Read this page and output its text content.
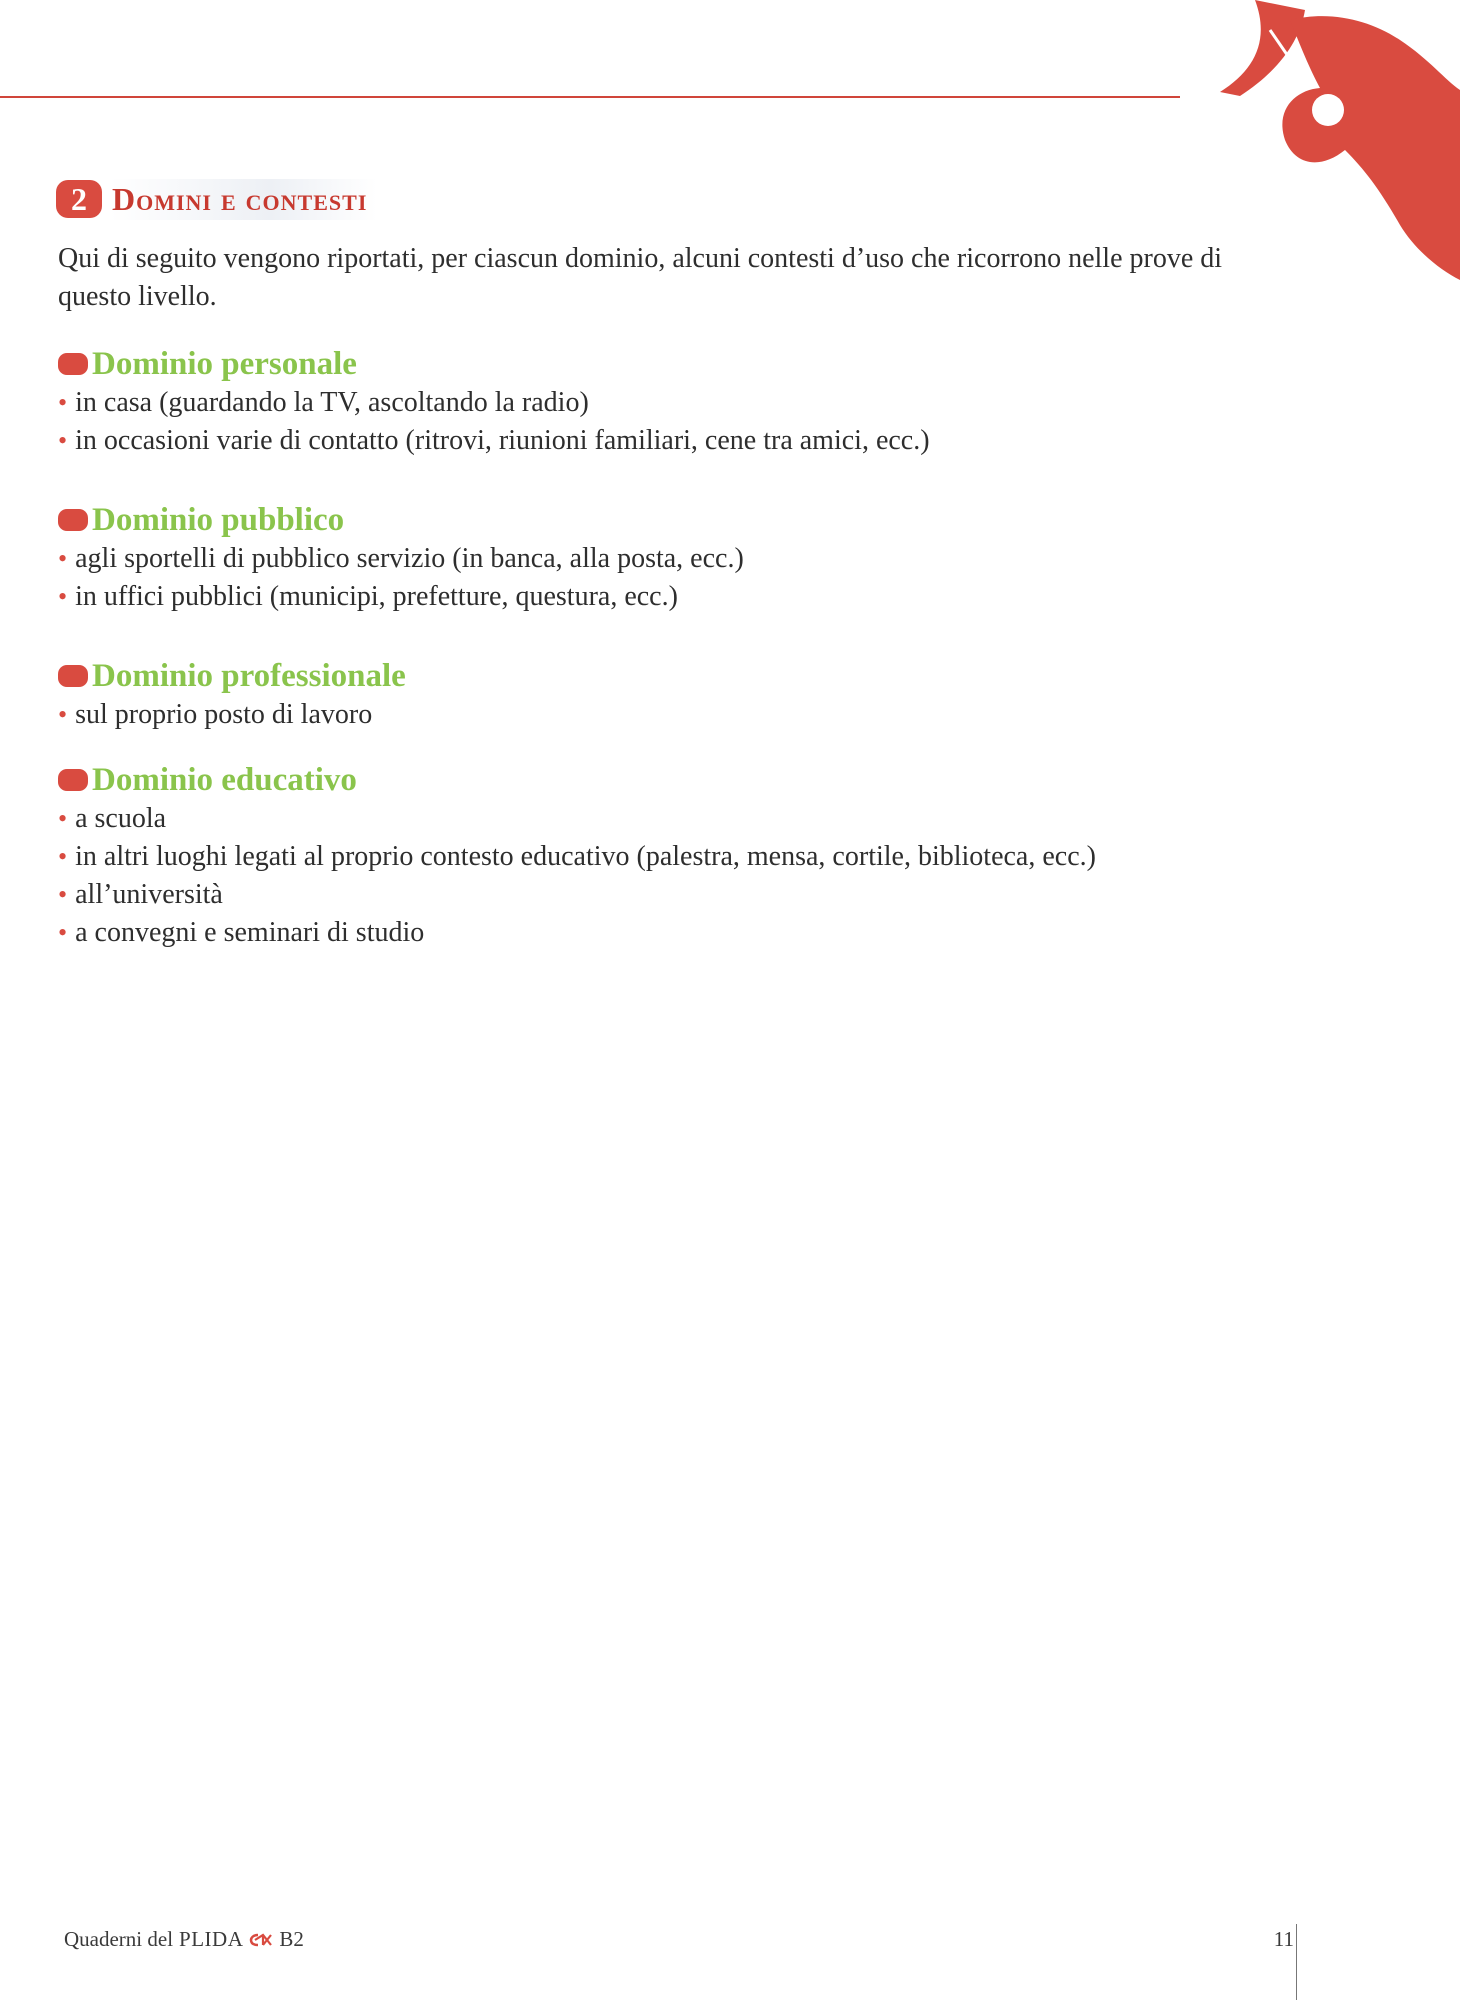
2 Domini e contesti

Qui di seguito vengono riportati, per ciascun dominio, alcuni contesti d’uso che ricorrono nelle prove di questo livello.

Dominio personale
• in casa (guardando la TV, ascoltando la radio)
• in occasioni varie di contatto (ritrovi, riunioni familiari, cene tra amici, ecc.)
Dominio pubblico
• agli sportelli di pubblico servizio (in banca, alla posta, ecc.)
• in uffici pubblici (municipi, prefetture, questura, ecc.)
Dominio professionale
• sul proprio posto di lavoro
Dominio educativo
• a scuola
• in altri luoghi legati al proprio contesto educativo (palestra, mensa, cortile, biblioteca, ecc.)
• all’università
• a convegni e seminari di studio
Quaderni del PLIDA B2	11
